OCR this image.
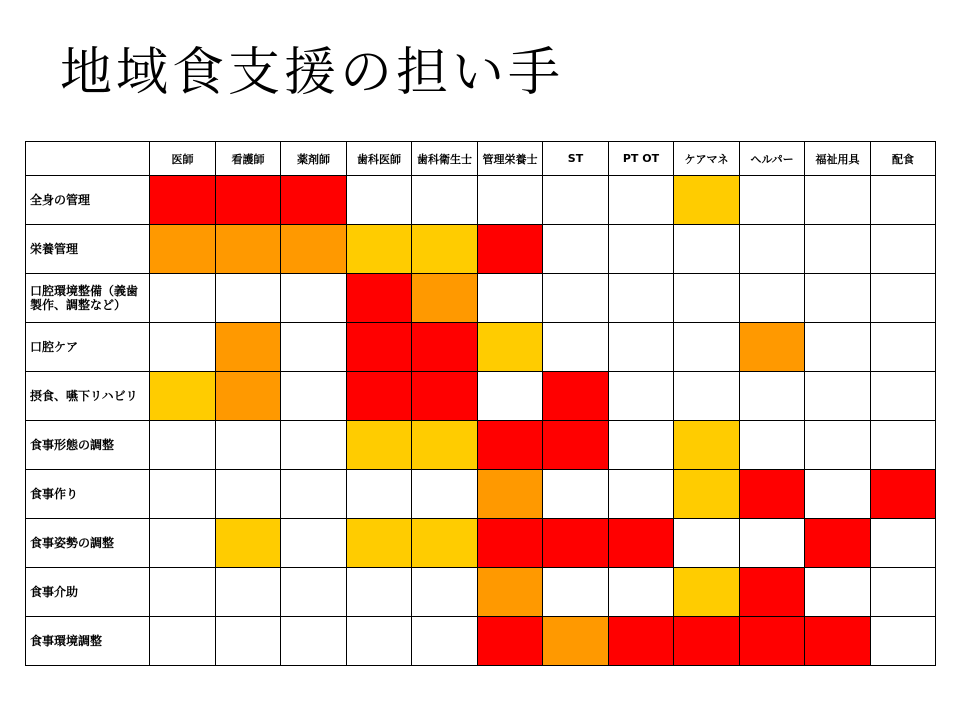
地域食支援の担い手
	医師	看護師	薬剤師	歯科医師	歯科衛生士	管理栄養士	ST	PT OT	ケアマネ	ヘルパー	福祉用具	配食
全身の管理												
栄養管理												
口腔環境整備（義歯製作、調整など）												
口腔ケア												
摂食、嚥下リハビリ												
食事形態の調整												
食事作り												
食事姿勢の調整												
食事介助												
食事環境調整												
